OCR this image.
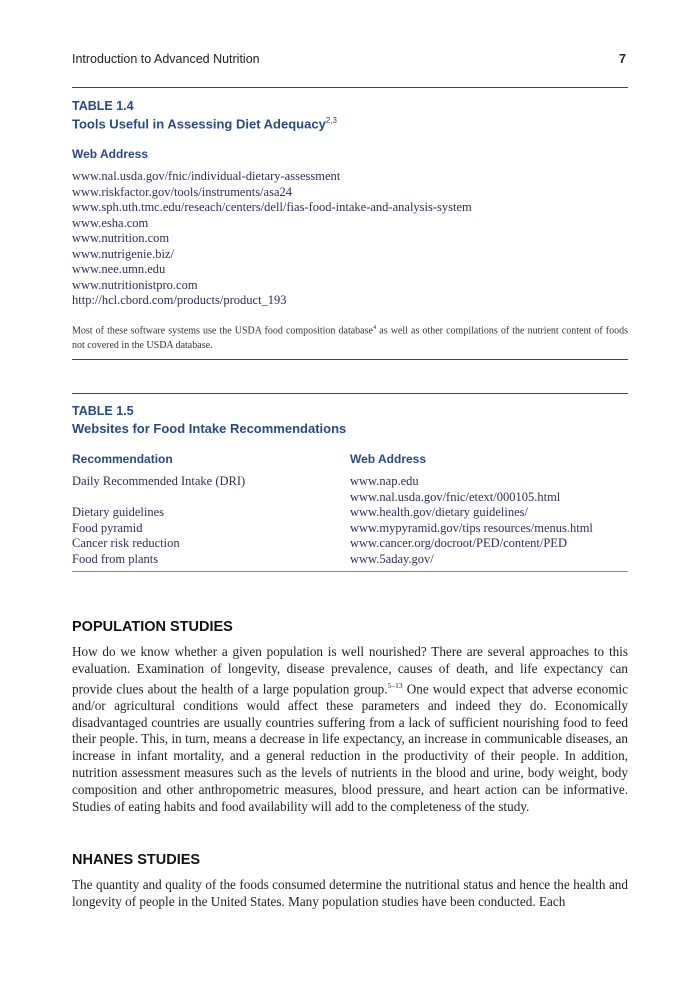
Introduction to Advanced Nutrition	7
TABLE 1.4
Tools Useful in Assessing Diet Adequacy$^{2,3}$
Web Address
www.nal.usda.gov/fnic/individual-dietary-assessment
www.riskfactor.gov/tools/instruments/asa24
www.sph.uth.tmc.edu/reseach/centers/dell/fias-food-intake-and-analysis-system
www.esha.com
www.nutrition.com
www.nutrigenie.biz/
www.nee.umn.edu
www.nutritionistpro.com
http://hcl.cbord.com/products/product_193
Most of these software systems use the USDA food composition database$^4$ as well as other compilations of the nutrient content of foods not covered in the USDA database.
TABLE 1.5
Websites for Food Intake Recommendations
Recommendation	Web Address
Daily Recommended Intake (DRI)
Dietary guidelines
Food pyramid
Cancer risk reduction
Food from plants
www.nap.edu
www.nal.usda.gov/fnic/etext/000105.html
www.health.gov/dietary guidelines/
www.mypyramid.gov/tips resources/menus.html
www.cancer.org/docroot/PED/content/PED
www.5aday.gov/
POPULATION STUDIES
How do we know whether a given population is well nourished? There are several approaches to this evaluation. Examination of longevity, disease prevalence, causes of death, and life expectancy can provide clues about the health of a large population group.$^{5-13}$ One would expect that adverse economic and/or agricultural conditions would affect these parameters and indeed they do. Economically disadvantaged countries are usually countries suffering from a lack of sufficient nourishing food to feed their people. This, in turn, means a decrease in life expectancy, an increase in communicable diseases, an increase in infant mortality, and a general reduction in the productivity of their people. In addition, nutrition assessment measures such as the levels of nutrients in the blood and urine, body weight, body composition and other anthropometric measures, blood pressure, and heart action can be informative. Studies of eating habits and food availability will add to the completeness of the study.
NHANES STUDIES
The quantity and quality of the foods consumed determine the nutritional status and hence the health and longevity of people in the United States. Many population studies have been conducted. Each
